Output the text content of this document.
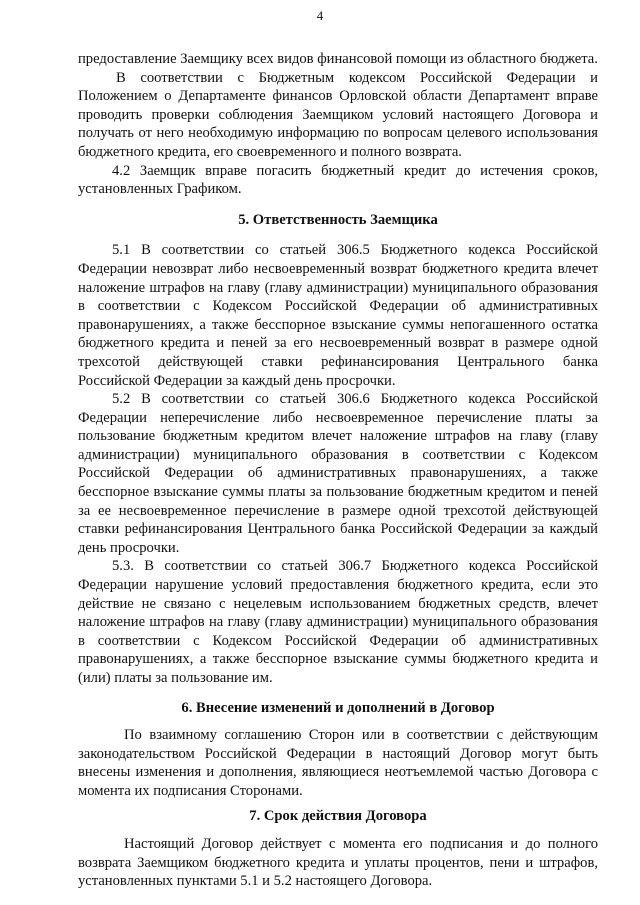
4

предоставление Заемщику всех видов финансовой помощи из областного бюджета.

В соответствии с Бюджетным кодексом Российской Федерации и Положением о Департаменте финансов Орловской области Департамент вправе проводить проверки соблюдения Заемщиком условий настоящего Договора и получать от него необходимую информацию по вопросам целевого использования бюджетного кредита, его своевременного и полного возврата.

4.2 Заемщик вправе погасить бюджетный кредит до истечения сроков, установленных Графиком.

5. Ответственность Заемщика

5.1 В соответствии со статьей 306.5 Бюджетного кодекса Российской Федерации невозврат либо несвоевременный возврат бюджетного кредита влечет наложение штрафов на главу (главу администрации) муниципального образования в соответствии с Кодексом Российской Федерации об административных правонарушениях, а также бесспорное взыскание суммы непогашенного остатка бюджетного кредита и пеней за его несвоевременный возврат в размере одной трехсотой действующей ставки рефинансирования Центрального банка Российской Федерации за каждый день просрочки.

5.2 В соответствии со статьей 306.6 Бюджетного кодекса Российской Федерации неперечисление либо несвоевременное перечисление платы за пользование бюджетным кредитом влечет наложение штрафов на главу (главу администрации) муниципального образования в соответствии с Кодексом Российской Федерации об административных правонарушениях, а также бесспорное взыскание суммы платы за пользование бюджетным кредитом и пеней за ее несвоевременное перечисление в размере одной трехсотой действующей ставки рефинансирования Центрального банка Российской Федерации за каждый день просрочки.

5.3. В соответствии со статьей 306.7 Бюджетного кодекса Российской Федерации нарушение условий предоставления бюджетного кредита, если это действие не связано с нецелевым использованием бюджетных средств, влечет наложение штрафов на главу (главу администрации) муниципального образования в соответствии с Кодексом Российской Федерации об административных правонарушениях, а также бесспорное взыскание суммы бюджетного кредита и (или) платы за пользование им.

6. Внесение изменений и дополнений в Договор

По взаимному соглашению Сторон или в соответствии с действующим законодательством Российской Федерации в настоящий Договор могут быть внесены изменения и дополнения, являющиеся неотъемлемой частью Договора с момента их подписания Сторонами.

7. Срок действия Договора

Настоящий Договор действует с момента его подписания и до полного возврата Заемщиком бюджетного кредита и уплаты процентов, пени и штрафов, установленных пунктами 5.1 и 5.2 настоящего Договора.
